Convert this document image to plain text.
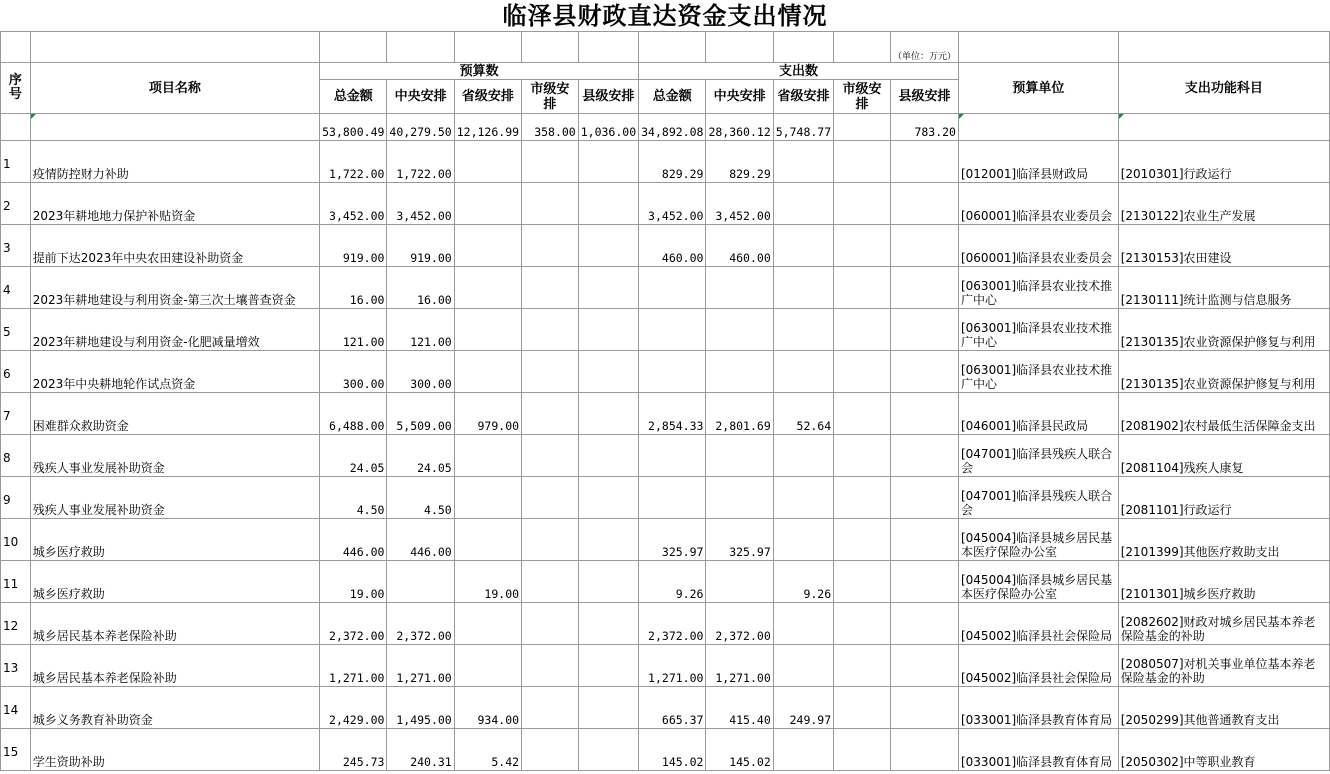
临泽县财政直达资金支出情况
											（单位：万元）		
序号	项目名称	预算数					支出数					预算单位	支出功能科目
		总金额	中央安排	省级安排	市级安排	县级安排	总金额	中央安排	省级安排	市级安排	县级安排		
		53,800.49	40,279.50	12,126.99	358.00	1,036.00	34,892.08	28,360.12	5,748.77		783.20		
1	疫情防控财力补助	1,722.00	1,722.00				829.29	829.29				[012001]临泽县财政局	[2010301]行政运行
2	2023年耕地地力保护补贴资金	3,452.00	3,452.00				3,452.00	3,452.00				[060001]临泽县农业委员会	[2130122]农业生产发展
3	提前下达2023年中央农田建设补助资金	919.00	919.00				460.00	460.00				[060001]临泽县农业委员会	[2130153]农田建设
4	2023年耕地建设与利用资金-第三次土壤普查资金	16.00	16.00									[063001]临泽县农业技术推广中心	[2130111]统计监测与信息服务
5	2023年耕地建设与利用资金-化肥减量增效	121.00	121.00									[063001]临泽县农业技术推广中心	[2130135]农业资源保护修复与利用
6	2023年中央耕地轮作试点资金	300.00	300.00									[063001]临泽县农业技术推广中心	[2130135]农业资源保护修复与利用
7	困难群众救助资金	6,488.00	5,509.00	979.00			2,854.33	2,801.69	52.64			[046001]临泽县民政局	[2081902]农村最低生活保障金支出
8	残疾人事业发展补助资金	24.05	24.05									[047001]临泽县残疾人联合会	[2081104]残疾人康复
9	残疾人事业发展补助资金	4.50	4.50									[047001]临泽县残疾人联合会	[2081101]行政运行
10	城乡医疗救助	446.00	446.00				325.97	325.97				[045004]临泽县城乡居民基本医疗保险办公室	[2101399]其他医疗救助支出
11	城乡医疗救助	19.00		19.00			9.26		9.26			[045004]临泽县城乡居民基本医疗保险办公室	[2101301]城乡医疗救助
12	城乡居民基本养老保险补助	2,372.00	2,372.00				2,372.00	2,372.00				[045002]临泽县社会保险局	[2082602]财政对城乡居民基本养老保险基金的补助
13	城乡居民基本养老保险补助	1,271.00	1,271.00				1,271.00	1,271.00				[045002]临泽县社会保险局	[2080507]对机关事业单位基本养老保险基金的补助
14	城乡义务教育补助资金	2,429.00	1,495.00	934.00			665.37	415.40	249.97			[033001]临泽县教育体育局	[2050299]其他普通教育支出
15	学生资助补助	245.73	240.31	5.42			145.02	145.02				[033001]临泽县教育体育局	[2050302]中等职业教育
